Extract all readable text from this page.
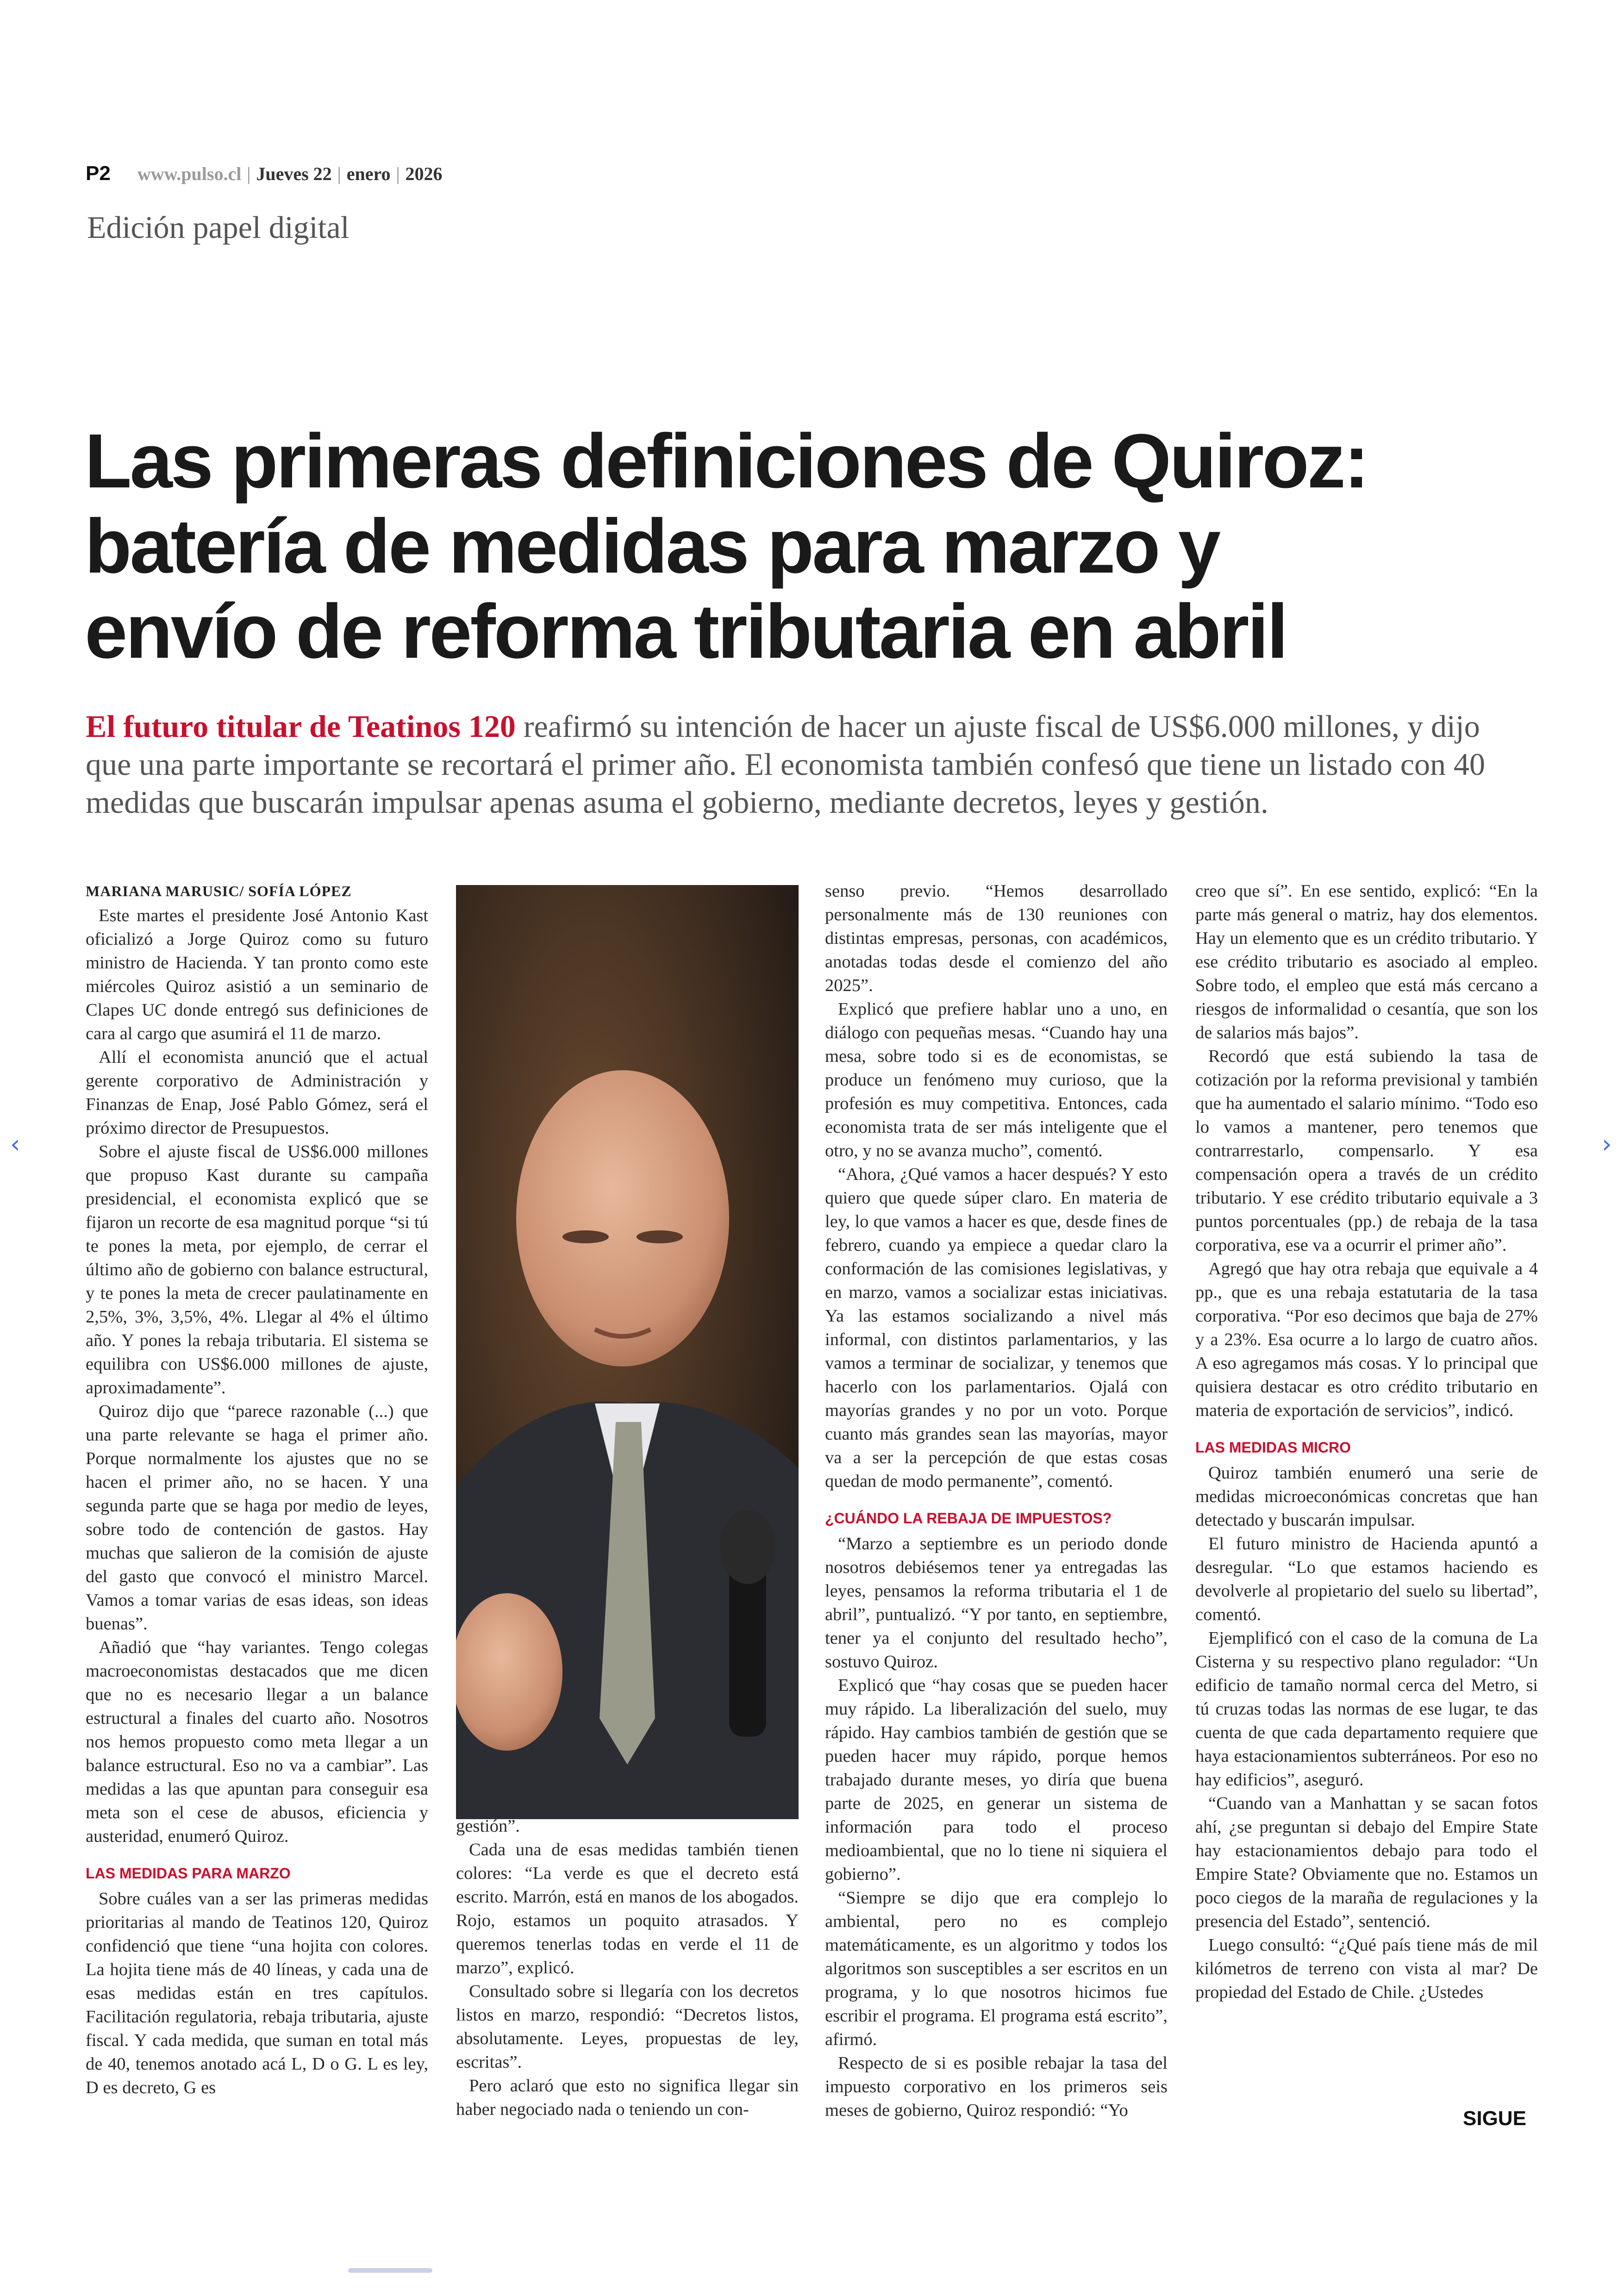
P2 www.pulso.cl | Jueves 22 | enero | 2026
Edición papel digital
Las primeras definiciones de Quiroz:
batería de medidas para marzo y
envío de reforma tributaria en abril

El futuro titular de Teatinos 120 reafirmó su intención de hacer un ajuste fiscal de US$6.000 millones, y dijo que una parte importante se recortará el primer año. El economista también confesó que tiene un listado con 40 medidas que buscarán impulsar apenas asuma el gobierno, mediante decretos, leyes y gestión.

MARIANA MARUSIC/ SOFÍA LÓPEZ

Este martes el presidente José Antonio Kast oficializó a Jorge Quiroz como su futuro ministro de Hacienda. Y tan pronto como este miércoles Quiroz asistió a un seminario de Clapes UC donde entregó sus definiciones de cara al cargo que asumirá el 11 de marzo.

Allí el economista anunció que el actual gerente corporativo de Administración y Finanzas de Enap, José Pablo Gómez, será el próximo director de Presupuestos.

Sobre el ajuste fiscal de US$6.000 millones que propuso Kast durante su campaña presidencial, el economista explicó que se fijaron un recorte de esa magnitud porque “si tú te pones la meta, por ejemplo, de cerrar el último año de gobierno con balance estructural, y te pones la meta de crecer paulatinamente en 2,5%, 3%, 3,5%, 4%. Llegar al 4% el último año. Y pones la rebaja tributaria. El sistema se equilibra con US$6.000 millones de ajuste, aproximadamente”.

Quiroz dijo que “parece razonable (...) que una parte relevante se haga el primer año. Porque normalmente los ajustes que no se hacen el primer año, no se hacen. Y una segunda parte que se haga por medio de leyes, sobre todo de contención de gastos. Hay muchas que salieron de la comisión de ajuste del gasto que convocó el ministro Marcel. Vamos a tomar varias de esas ideas, son ideas buenas”.

Añadió que “hay variantes. Tengo colegas macroeconomistas destacados que me dicen que no es necesario llegar a un balance estructural a finales del cuarto año. Nosotros nos hemos propuesto como meta llegar a un balance estructural. Eso no va a cambiar”. Las medidas a las que apuntan para conseguir esa meta son el cese de abusos, eficiencia y austeridad, enumeró Quiroz.

LAS MEDIDAS PARA MARZO

Sobre cuáles van a ser las primeras medidas prioritarias al mando de Teatinos 120, Quiroz confidenció que tiene “una hojita con colores. La hojita tiene más de 40 líneas, y cada una de esas medidas están en tres capítulos. Facilitación regulatoria, rebaja tributaria, ajuste fiscal. Y cada medida, que suman en total más de 40, tenemos anotado acá L, D o G. L es ley, D es decreto, G es

gestión”.

Cada una de esas medidas también tienen colores: “La verde es que el decreto está escrito. Marrón, está en manos de los abogados. Rojo, estamos un poquito atrasados. Y queremos tenerlas todas en verde el 11 de marzo”, explicó.

Consultado sobre si llegaría con los decretos listos en marzo, respondió: “Decretos listos, absolutamente. Leyes, propuestas de ley, escritas”.

Pero aclaró que esto no significa llegar sin haber negociado nada o teniendo un con-

senso previo. “Hemos desarrollado personalmente más de 130 reuniones con distintas empresas, personas, con académicos, anotadas todas desde el comienzo del año 2025”.

Explicó que prefiere hablar uno a uno, en diálogo con pequeñas mesas. “Cuando hay una mesa, sobre todo si es de economistas, se produce un fenómeno muy curioso, que la profesión es muy competitiva. Entonces, cada economista trata de ser más inteligente que el otro, y no se avanza mucho”, comentó.

“Ahora, ¿Qué vamos a hacer después? Y esto quiero que quede súper claro. En materia de ley, lo que vamos a hacer es que, desde fines de febrero, cuando ya empiece a quedar claro la conformación de las comisiones legislativas, y en marzo, vamos a socializar estas iniciativas. Ya las estamos socializando a nivel más informal, con distintos parlamentarios, y las vamos a terminar de socializar, y tenemos que hacerlo con los parlamentarios. Ojalá con mayorías grandes y no por un voto. Porque cuanto más grandes sean las mayorías, mayor va a ser la percepción de que estas cosas quedan de modo permanente”, comentó.

¿CUÁNDO LA REBAJA DE IMPUESTOS?

“Marzo a septiembre es un periodo donde nosotros debiésemos tener ya entregadas las leyes, pensamos la reforma tributaria el 1 de abril”, puntualizó. “Y por tanto, en septiembre, tener ya el conjunto del resultado hecho”, sostuvo Quiroz.

Explicó que “hay cosas que se pueden hacer muy rápido. La liberalización del suelo, muy rápido. Hay cambios también de gestión que se pueden hacer muy rápido, porque hemos trabajado durante meses, yo diría que buena parte de 2025, en generar un sistema de información para todo el proceso medioambiental, que no lo tiene ni siquiera el gobierno”.

“Siempre se dijo que era complejo lo ambiental, pero no es complejo matemáticamente, es un algoritmo y todos los algoritmos son susceptibles a ser escritos en un programa, y lo que nosotros hicimos fue escribir el programa. El programa está escrito”, afirmó.

Respecto de si es posible rebajar la tasa del impuesto corporativo en los primeros seis meses de gobierno, Quiroz respondió: “Yo

creo que sí”. En ese sentido, explicó: “En la parte más general o matriz, hay dos elementos. Hay un elemento que es un crédito tributario. Y ese crédito tributario es asociado al empleo. Sobre todo, el empleo que está más cercano a riesgos de informalidad o cesantía, que son los de salarios más bajos”.

Recordó que está subiendo la tasa de cotización por la reforma previsional y también que ha aumentado el salario mínimo. “Todo eso lo vamos a mantener, pero tenemos que contrarrestarlo, compensarlo. Y esa compensación opera a través de un crédito tributario. Y ese crédito tributario equivale a 3 puntos porcentuales (pp.) de rebaja de la tasa corporativa, ese va a ocurrir el primer año”.

Agregó que hay otra rebaja que equivale a 4 pp., que es una rebaja estatutaria de la tasa corporativa. “Por eso decimos que baja de 27% y a 23%. Esa ocurre a lo largo de cuatro años. A eso agregamos más cosas. Y lo principal que quisiera destacar es otro crédito tributario en materia de exportación de servicios”, indicó.

LAS MEDIDAS MICRO

Quiroz también enumeró una serie de medidas microeconómicas concretas que han detectado y buscarán impulsar.

El futuro ministro de Hacienda apuntó a desregular. “Lo que estamos haciendo es devolverle al propietario del suelo su libertad”, comentó.

Ejemplificó con el caso de la comuna de La Cisterna y su respectivo plano regulador: “Un edificio de tamaño normal cerca del Metro, si tú cruzas todas las normas de ese lugar, te das cuenta de que cada departamento requiere que haya estacionamientos subterráneos. Por eso no hay edificios”, aseguró.

“Cuando van a Manhattan y se sacan fotos ahí, ¿se preguntan si debajo del Empire State hay estacionamientos debajo para todo el Empire State? Obviamente que no. Estamos un poco ciegos de la maraña de regulaciones y la presencia del Estado”, sentenció.

Luego consultó: “¿Qué país tiene más de mil kilómetros de terreno con vista al mar? De propiedad del Estado de Chile. ¿Ustedes

SIGUE
‹	›
